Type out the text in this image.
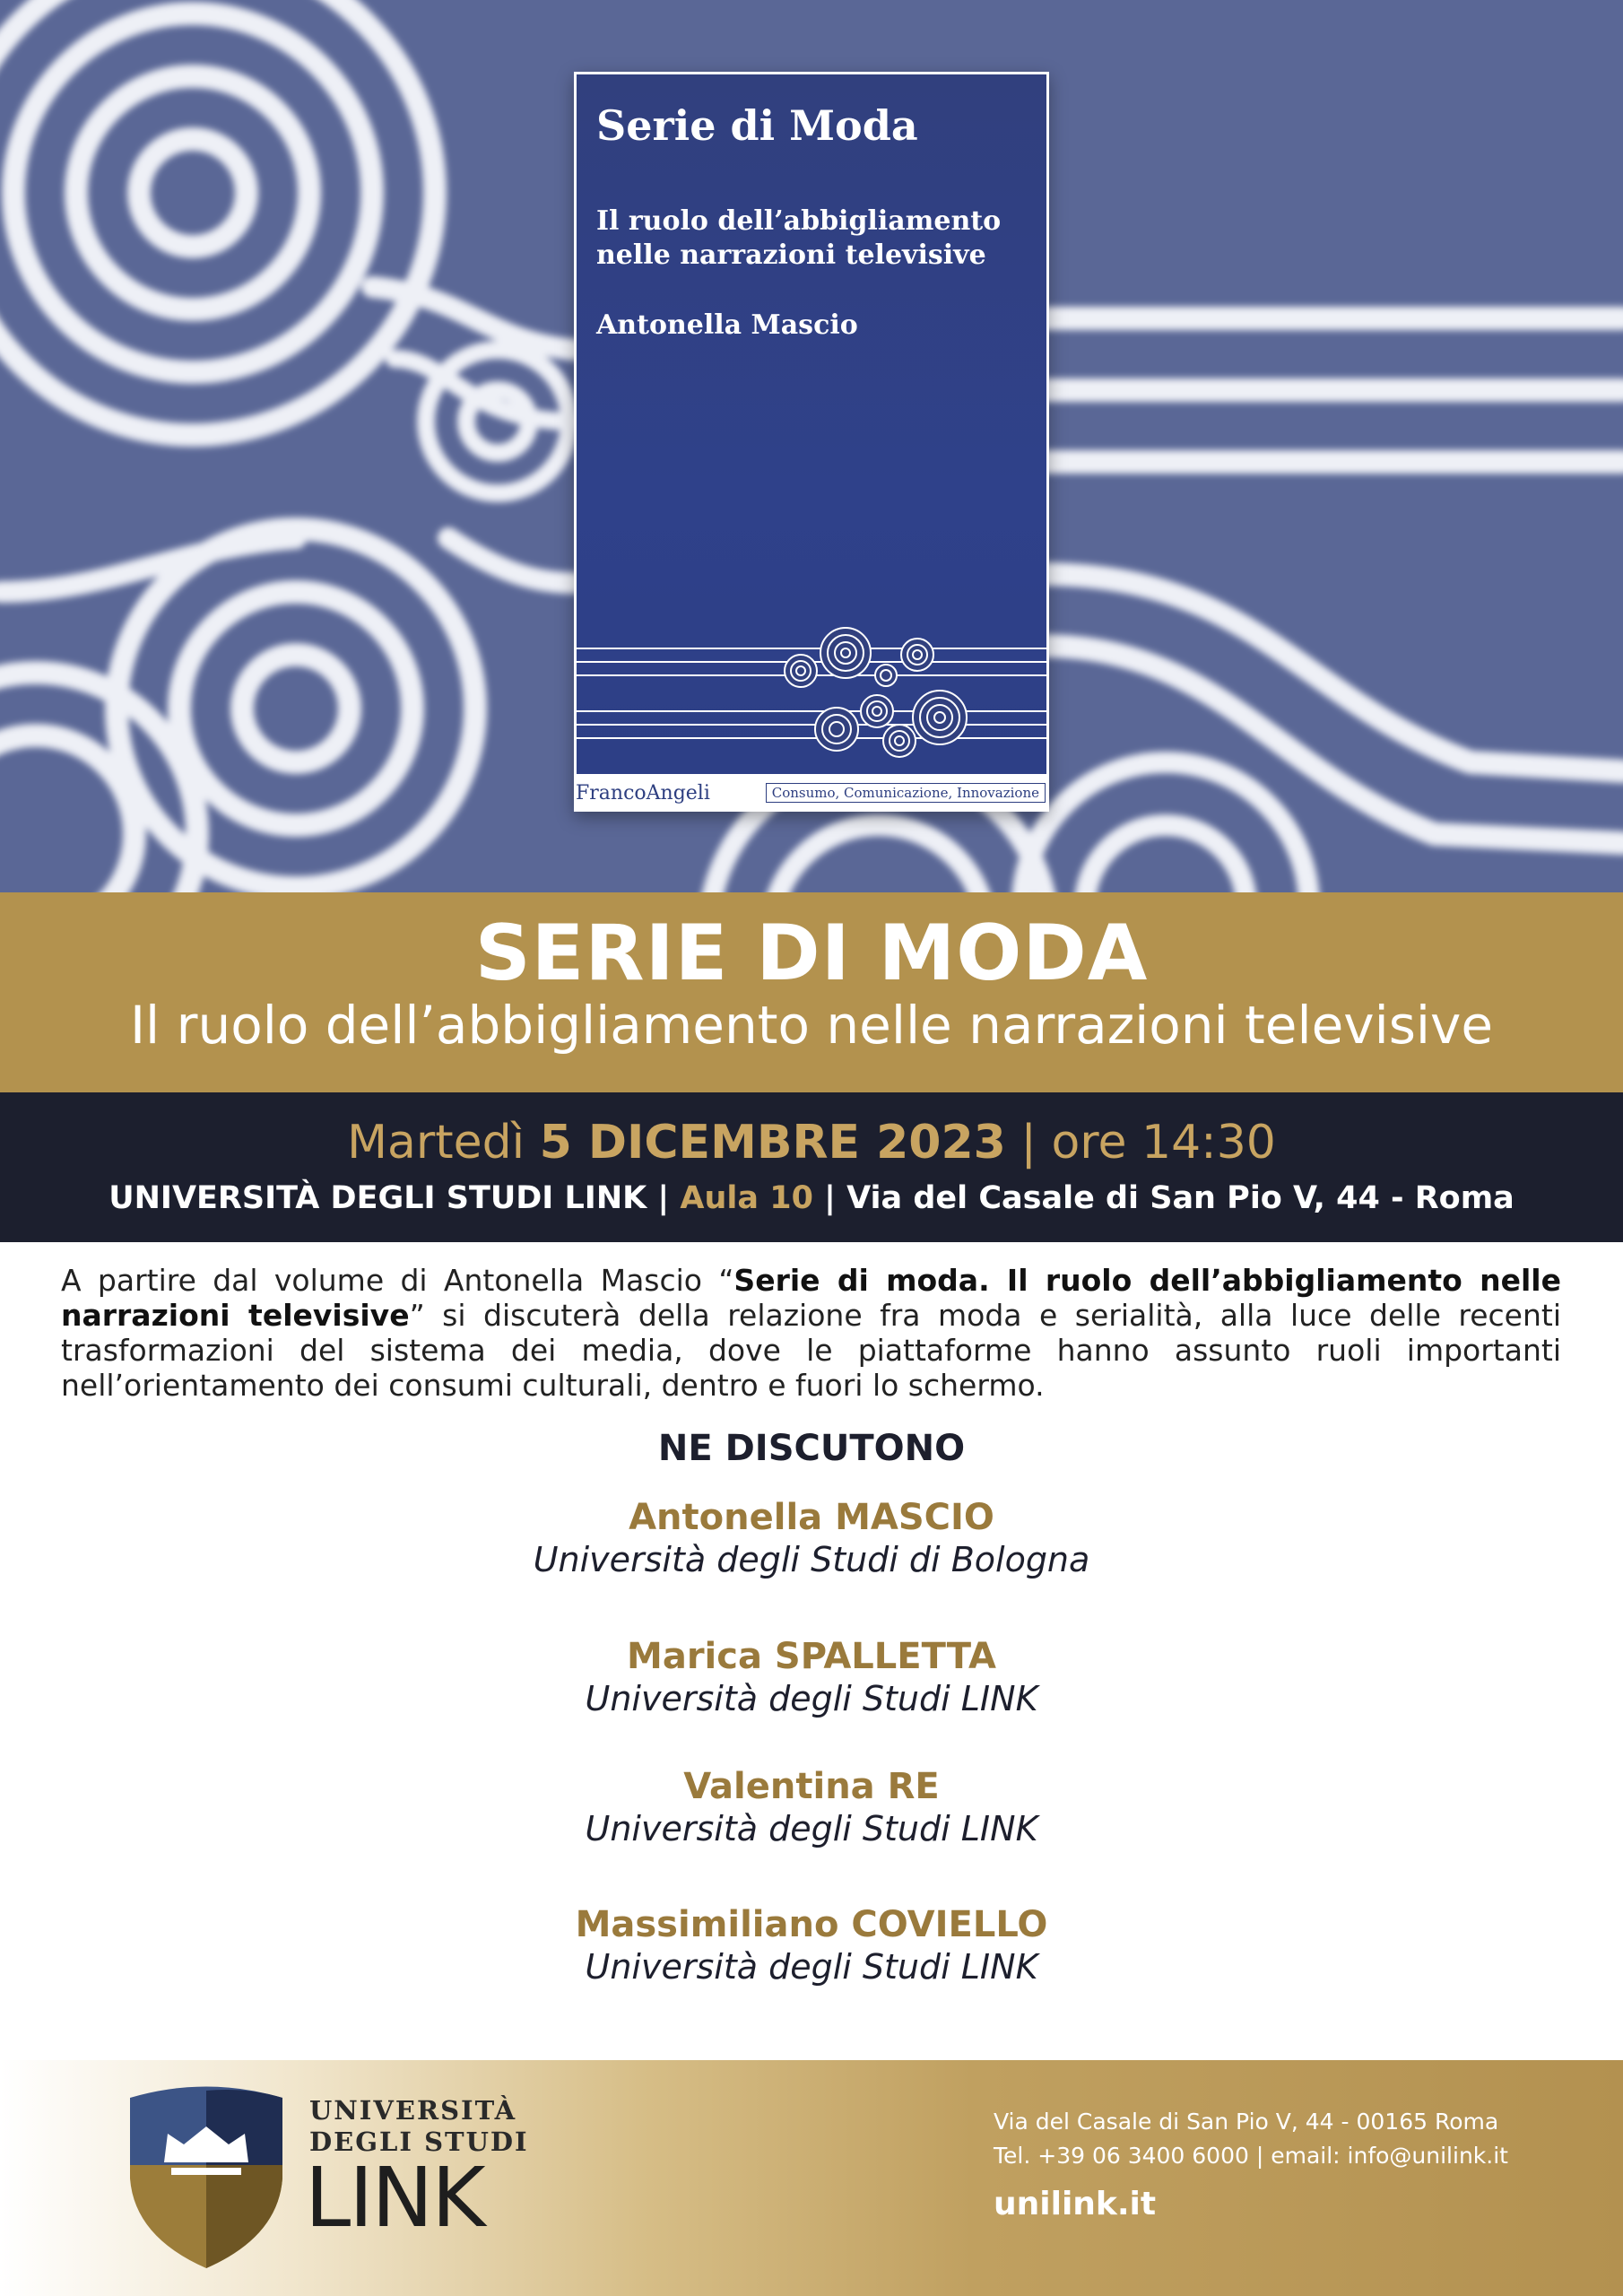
Serie di Moda
Il ruolo dell’abbigliamento
nelle narrazioni televisive
Antonella Mascio
FrancoAngeli	Consumo, Comunicazione, Innovazione
SERIE DI MODA
Il ruolo dell’abbigliamento nelle narrazioni televisive
Martedì 5 DICEMBRE 2023 | ore 14:30
UNIVERSITÀ DEGLI STUDI LINK | Aula 10 | Via del Casale di San Pio V, 44 - Roma

A partire dal volume di Antonella Mascio “Serie di moda. Il ruolo dell’abbigliamento nelle narrazioni televisive” si discuterà della relazione fra moda e serialità, alla luce delle recenti trasformazioni del sistema dei media, dove le piattaforme hanno assunto ruoli importanti nell’orientamento dei consumi culturali, dentro e fuori lo schermo.

NE DISCUTONO
Antonella MASCIO
Università degli Studi di Bologna
Marica SPALLETTA
Università degli Studi LINK
Valentina RE
Università degli Studi LINK
Massimiliano COVIELLO
Università degli Studi LINK
UNIVERSITÀ
DEGLI STUDI
LINK
Via del Casale di San Pio V, 44 - 00165 Roma
Tel. +39 06 3400 6000 | email: info@unilink.it
unilink.it
